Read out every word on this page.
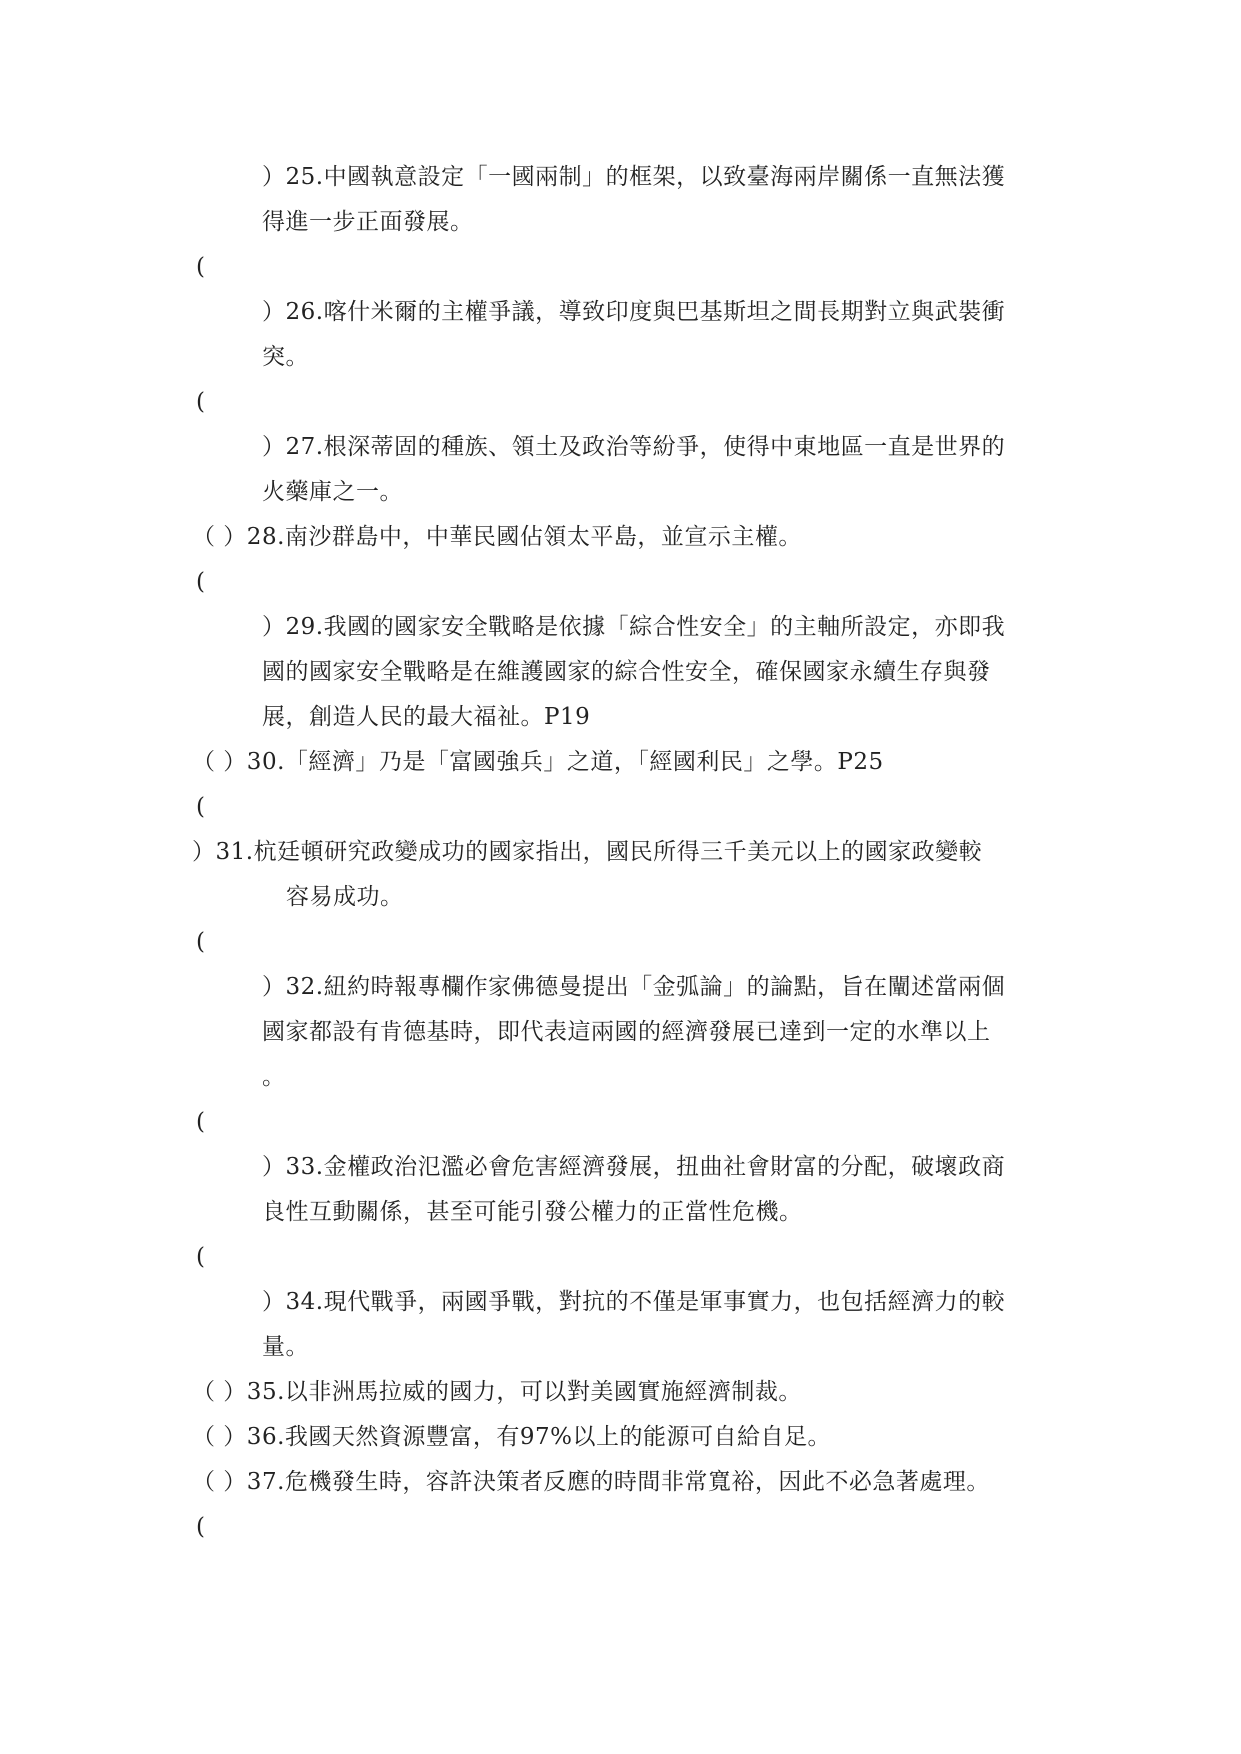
）25.中國執意設定「一國兩制」的框架，以致臺海兩岸關係一直無法獲
得進一步正面發展。
(
）26.喀什米爾的主權爭議，導致印度與巴基斯坦之間長期對立與武裝衝
突。
(
）27.根深蒂固的種族、領土及政治等紛爭，使得中東地區一直是世界的
火藥庫之一。
（ ）28.南沙群島中，中華民國佔領太平島，並宣示主權。
(
）29.我國的國家安全戰略是依據「綜合性安全」的主軸所設定，亦即我
國的國家安全戰略是在維護國家的綜合性安全，確保國家永續生存與發
展，創造人民的最大福祉。P19
（ ）30.「經濟」乃是「富國強兵」之道，「經國利民」之學。P25
(
）31.杭廷頓研究政變成功的國家指出，國民所得三千美元以上的國家政變較
容易成功。
(
）32.紐約時報專欄作家佛德曼提出「金弧論」的論點，旨在闡述當兩個
國家都設有肯德基時，即代表這兩國的經濟發展已達到一定的水準以上
。
(
）33.金權政治氾濫必會危害經濟發展，扭曲社會財富的分配，破壞政商
良性互動關係，甚至可能引發公權力的正當性危機。
(
）34.現代戰爭，兩國爭戰，對抗的不僅是軍事實力，也包括經濟力的較
量。
（ ）35.以非洲馬拉威的國力，可以對美國實施經濟制裁。
（ ）36.我國天然資源豐富，有97%以上的能源可自給自足。
（ ）37.危機發生時，容許決策者反應的時間非常寬裕，因此不必急著處理。
(
